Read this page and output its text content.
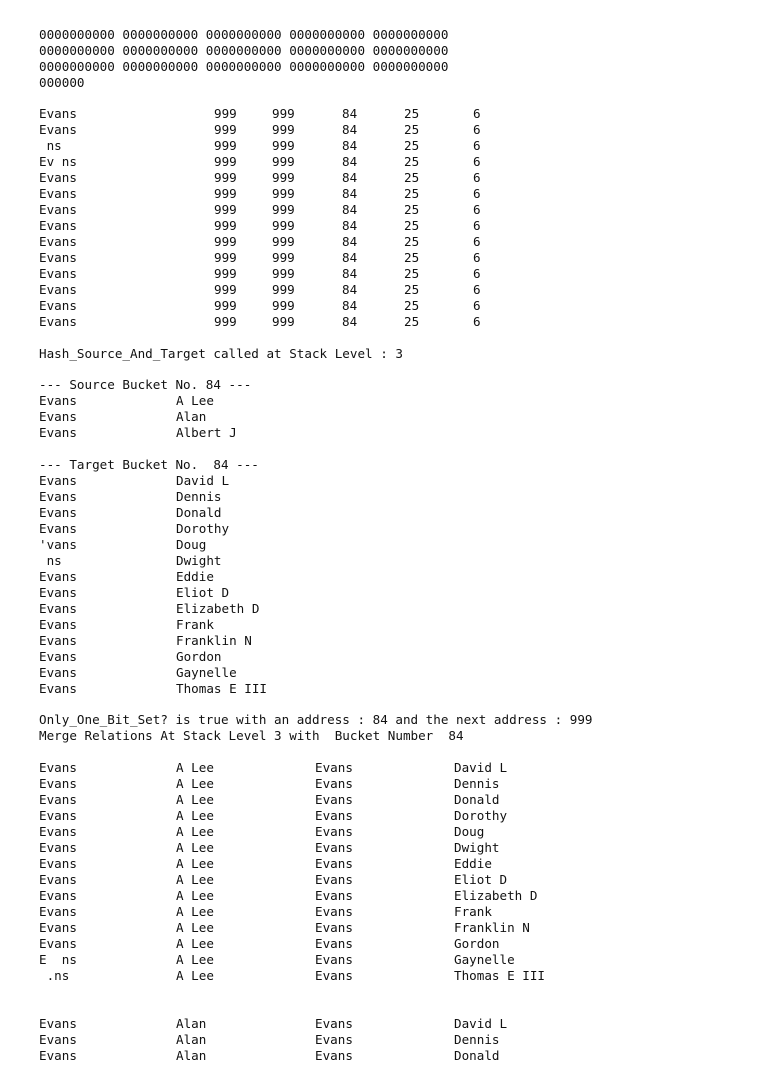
0000000000 0000000000 0000000000 0000000000 0000000000
0000000000 0000000000 0000000000 0000000000 0000000000
0000000000 0000000000 0000000000 0000000000 0000000000
000000
Evans	999	999	84	25	6
Evans	999	999	84	25	6
ns	999	999	84	25	6
Ev ns	999	999	84	25	6
Evans	999	999	84	25	6
Evans	999	999	84	25	6
Evans	999	999	84	25	6
Evans	999	999	84	25	6
Evans	999	999	84	25	6
Evans	999	999	84	25	6
Evans	999	999	84	25	6
Evans	999	999	84	25	6
Evans	999	999	84	25	6
Evans	999	999	84	25	6
Hash_Source_And_Target called at Stack Level : 3
--- Source Bucket No. 84 ---
Evans	A Lee
Evans	Alan
Evans	Albert J
--- Target Bucket No.  84 ---
Evans	David L
Evans	Dennis
Evans	Donald
Evans	Dorothy
'vans	Doug
ns	Dwight
Evans	Eddie
Evans	Eliot D
Evans	Elizabeth D
Evans	Frank
Evans	Franklin N
Evans	Gordon
Evans	Gaynelle
Evans	Thomas E III
Only_One_Bit_Set? is true with an address : 84 and the next address : 999
Merge Relations At Stack Level 3 with  Bucket Number  84
Evans	A Lee	Evans	David L
Evans	A Lee	Evans	Dennis
Evans	A Lee	Evans	Donald
Evans	A Lee	Evans	Dorothy
Evans	A Lee	Evans	Doug
Evans	A Lee	Evans	Dwight
Evans	A Lee	Evans	Eddie
Evans	A Lee	Evans	Eliot D
Evans	A Lee	Evans	Elizabeth D
Evans	A Lee	Evans	Frank
Evans	A Lee	Evans	Franklin N
Evans	A Lee	Evans	Gordon
E  ns	A Lee	Evans	Gaynelle
.ns	A Lee	Evans	Thomas E III
Evans	Alan	Evans	David L
Evans	Alan	Evans	Dennis
Evans	Alan	Evans	Donald
